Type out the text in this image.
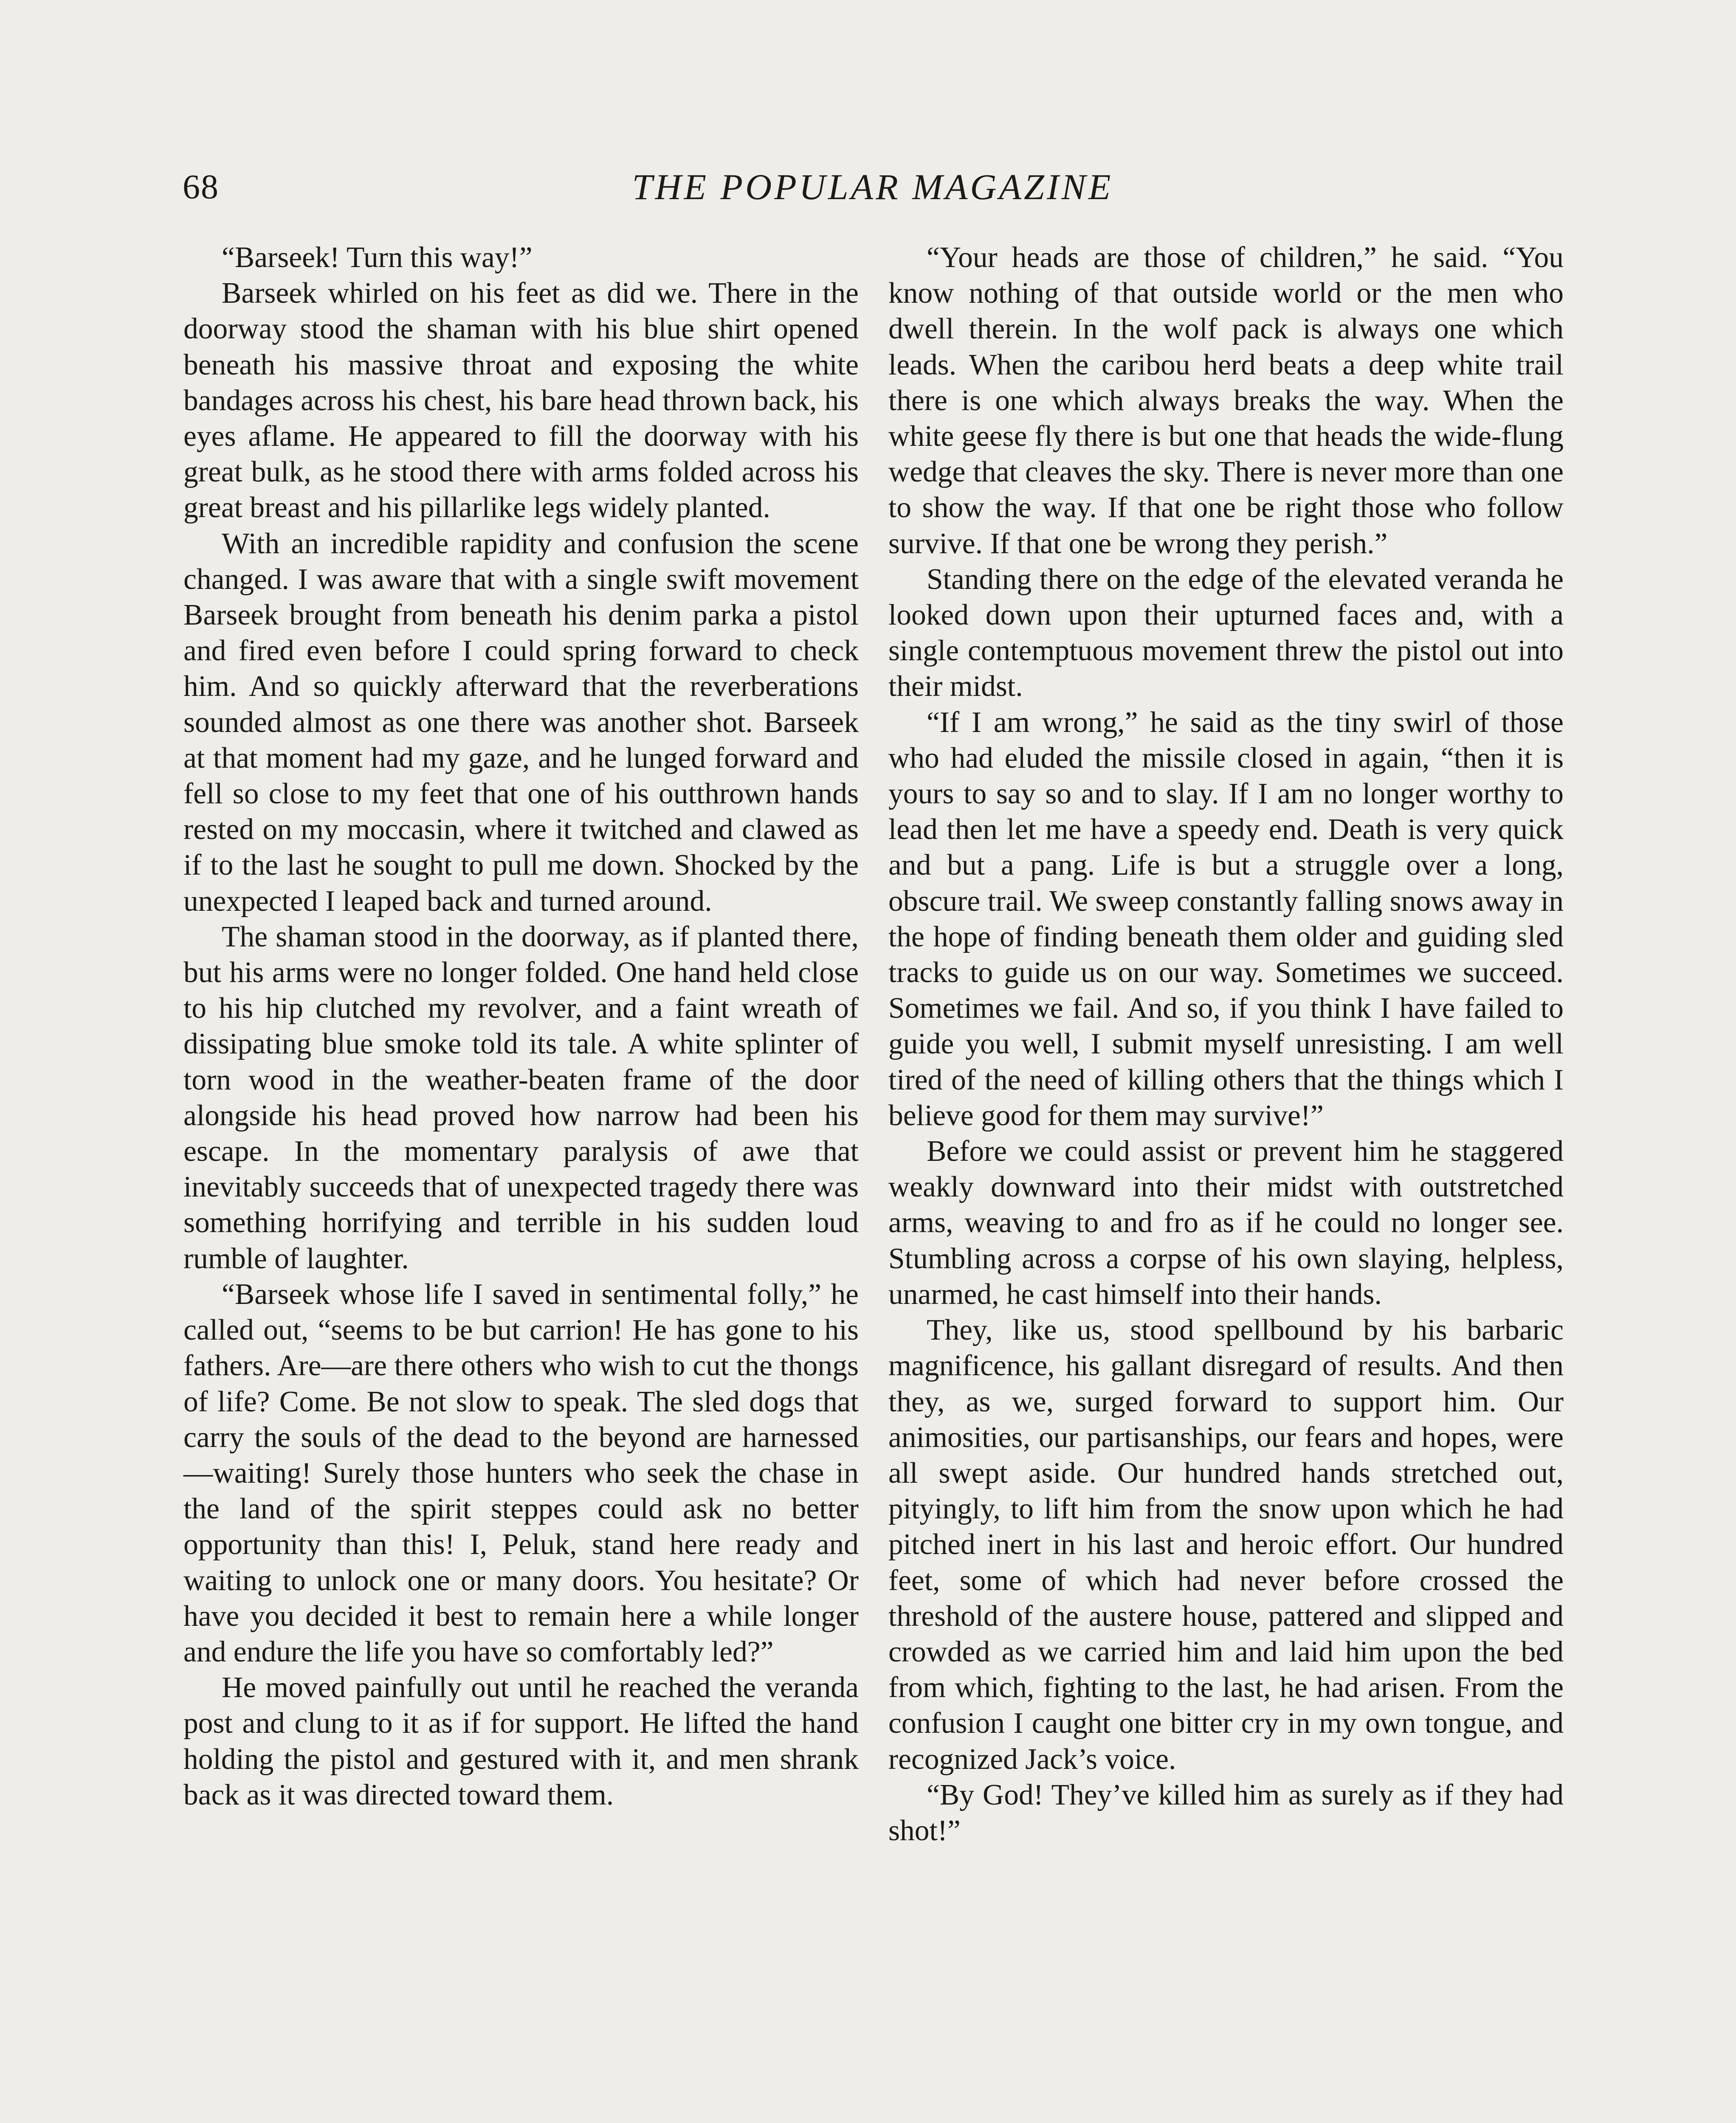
68	THE POPULAR MAGAZINE

“Barseek! Turn this way!”

Barseek whirled on his feet as did we. There in the doorway stood the shaman with his blue shirt opened beneath his massive throat and exposing the white bandages across his chest, his bare head thrown back, his eyes aflame. He appeared to fill the doorway with his great bulk, as he stood there with arms folded across his great breast and his pillarlike legs widely planted.

With an incredible rapidity and confusion the scene changed. I was aware that with a single swift movement Barseek brought from beneath his denim parka a pistol and fired even before I could spring forward to check him. And so quickly afterward that the reverberations sounded almost as one there was another shot. Barseek at that moment had my gaze, and he lunged forward and fell so close to my feet that one of his outthrown hands rested on my moccasin, where it twitched and clawed as if to the last he sought to pull me down. Shocked by the unexpected I leaped back and turned around.

The shaman stood in the doorway, as if planted there, but his arms were no longer folded. One hand held close to his hip clutched my revolver, and a faint wreath of dissipating blue smoke told its tale. A white splinter of torn wood in the weather-beaten frame of the door alongside his head proved how narrow had been his escape. In the momentary paralysis of awe that inevitably succeeds that of unexpected tragedy there was something horrifying and terrible in his sudden loud rumble of laughter.

“Barseek whose life I saved in sentimental folly,” he called out, “seems to be but carrion! He has gone to his fathers. Are—are there others who wish to cut the thongs of life? Come. Be not slow to speak. The sled dogs that carry the souls of the dead to the beyond are harnessed—waiting! Surely those hunters who seek the chase in the land of the spirit steppes could ask no better opportunity than this! I, Peluk, stand here ready and waiting to unlock one or many doors. You hesitate? Or have you decided it best to remain here a while longer and endure the life you have so comfortably led?”

He moved painfully out until he reached the veranda post and clung to it as if for support. He lifted the hand holding the pistol and gestured with it, and men shrank back as it was directed toward them.

“Your heads are those of children,” he said. “You know nothing of that outside world or the men who dwell therein. In the wolf pack is always one which leads. When the caribou herd beats a deep white trail there is one which always breaks the way. When the white geese fly there is but one that heads the wide-flung wedge that cleaves the sky. There is never more than one to show the way. If that one be right those who follow survive. If that one be wrong they perish.”

Standing there on the edge of the elevated veranda he looked down upon their upturned faces and, with a single contemptuous movement threw the pistol out into their midst.

“If I am wrong,” he said as the tiny swirl of those who had eluded the missile closed in again, “then it is yours to say so and to slay. If I am no longer worthy to lead then let me have a speedy end. Death is very quick and but a pang. Life is but a struggle over a long, obscure trail. We sweep constantly falling snows away in the hope of finding beneath them older and guiding sled tracks to guide us on our way. Sometimes we succeed. Sometimes we fail. And so, if you think I have failed to guide you well, I submit myself unresisting. I am well tired of the need of killing others that the things which I believe good for them may survive!”

Before we could assist or prevent him he staggered weakly downward into their midst with outstretched arms, weaving to and fro as if he could no longer see. Stumbling across a corpse of his own slaying, helpless, unarmed, he cast himself into their hands.

They, like us, stood spellbound by his barbaric magnificence, his gallant disregard of results. And then they, as we, surged forward to support him. Our animosities, our partisanships, our fears and hopes, were all swept aside. Our hundred hands stretched out, pityingly, to lift him from the snow upon which he had pitched inert in his last and heroic effort. Our hundred feet, some of which had never before crossed the threshold of the austere house, pattered and slipped and crowded as we carried him and laid him upon the bed from which, fighting to the last, he had arisen. From the confusion I caught one bitter cry in my own tongue, and recognized Jack’s voice.

“By God! They’ve killed him as surely as if they had shot!”
